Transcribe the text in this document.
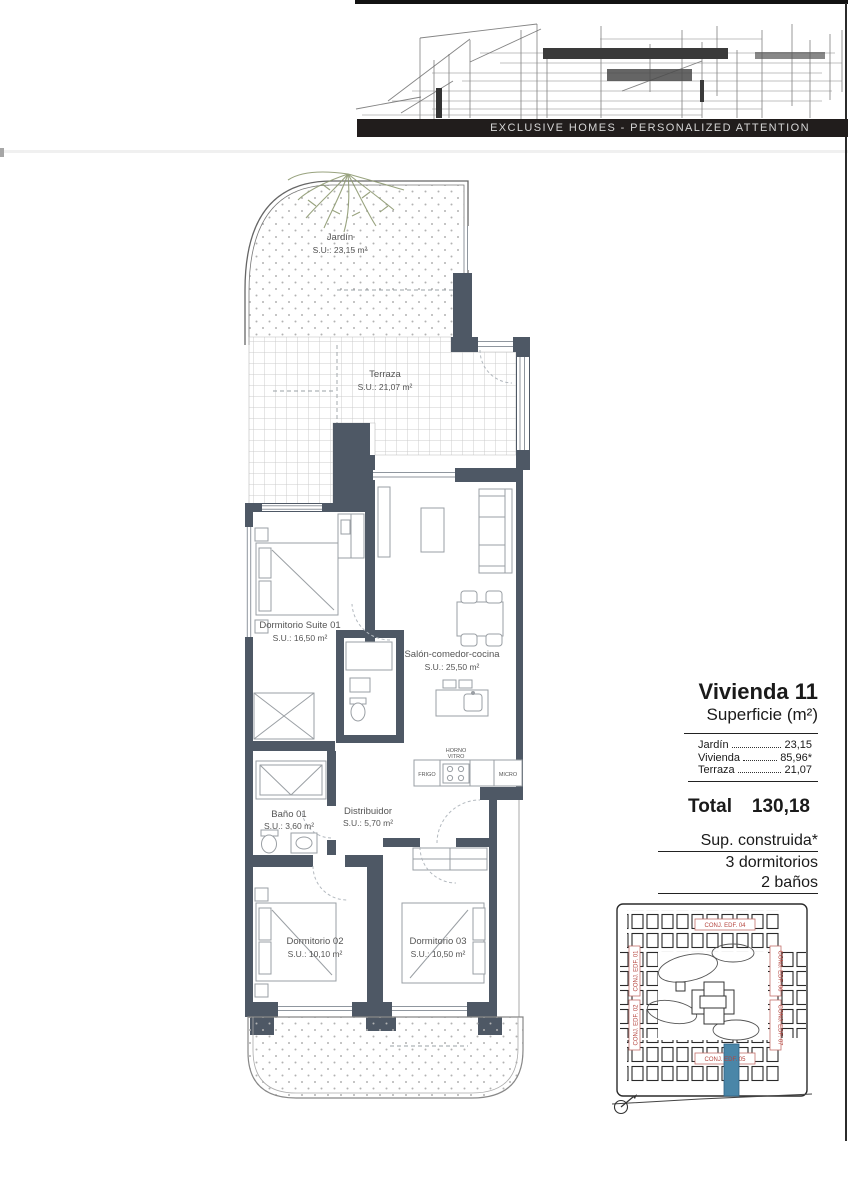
EXCLUSIVE HOMES - PERSONALIZED ATTENTION
Jardín
S.U.: 23,15 m²
Terraza
S.U.: 21,07 m²
Dormitorio Suite 01
S.U.: 16,50 m²
Salón-comedor-cocina
S.U.: 25,50 m²
Baño 01
S.U.: 3,60 m²
Distribuidor
S.U.: 5,70 m²
Dormitorio 02
S.U.: 10,10 m²
Dormitorio 03
S.U.: 10,50 m²
FRIGO
HORNO
VITRO
MICRO
Vivienda 11
Superficie (m²)
Jardín	23,15
Vivienda	85,96*
Terraza	21,07
Total 130,18
Sup. construida*
3 dormitorios
2 baños
CONJ. EDF. 04
CONJ. EDF. 01
CONJ. EDF. 02
CONJ. EDF. 06
CONJ. EDF. 07
CONJ. EDF. 05
